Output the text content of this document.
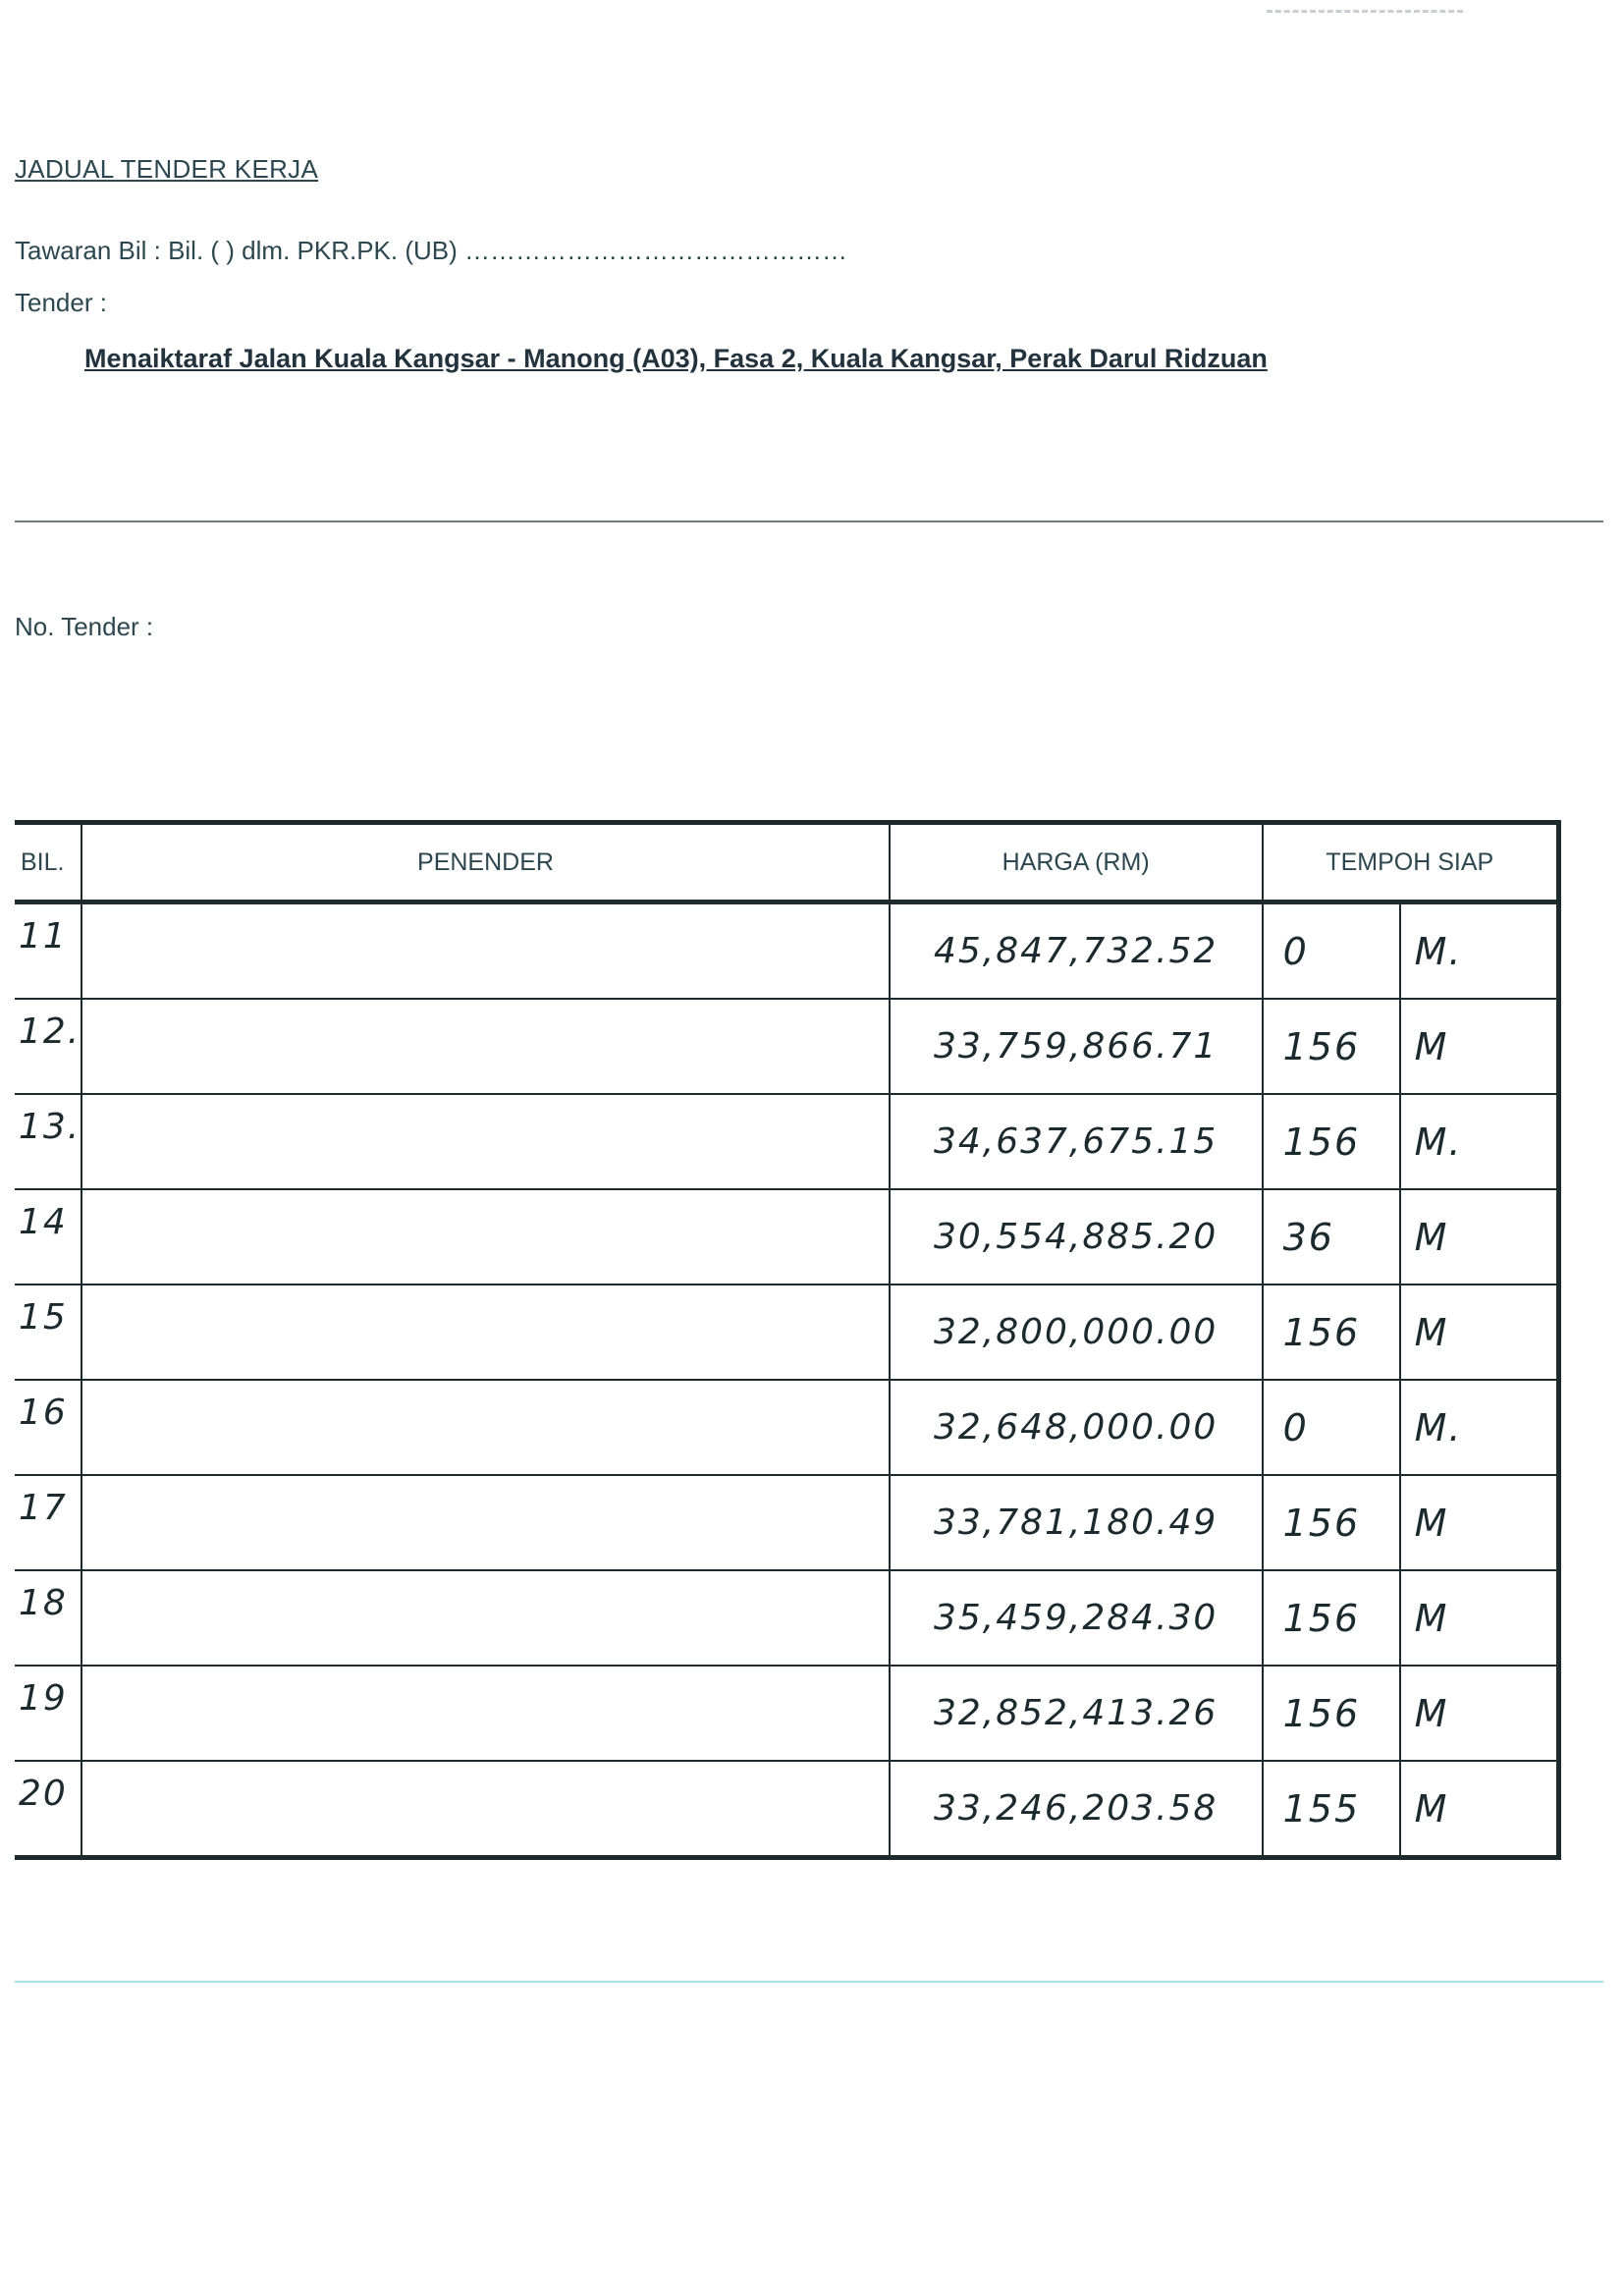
JADUAL TENDER KERJA
Tawaran Bil : Bil. ( ) dlm. PKR.PK. (UB) ………………………………………
Tender :
Menaiktaraf Jalan Kuala Kangsar - Manong (A03), Fasa 2, Kuala Kangsar, Perak Darul Ridzuan
No. Tender :
BIL.	PENENDER	HARGA (RM)	TEMPOH SIAP	

11		45,847,732.52	0	M.

12.		33,759,866.71	156	M

13.		34,637,675.15	156	M.

14		30,554,885.20	36	M

15		32,800,000.00	156	M

16		32,648,000.00	0	M.

17		33,781,180.49	156	M

18		35,459,284.30	156	M

19		32,852,413.26	156	M

20		33,246,203.58	155	M
